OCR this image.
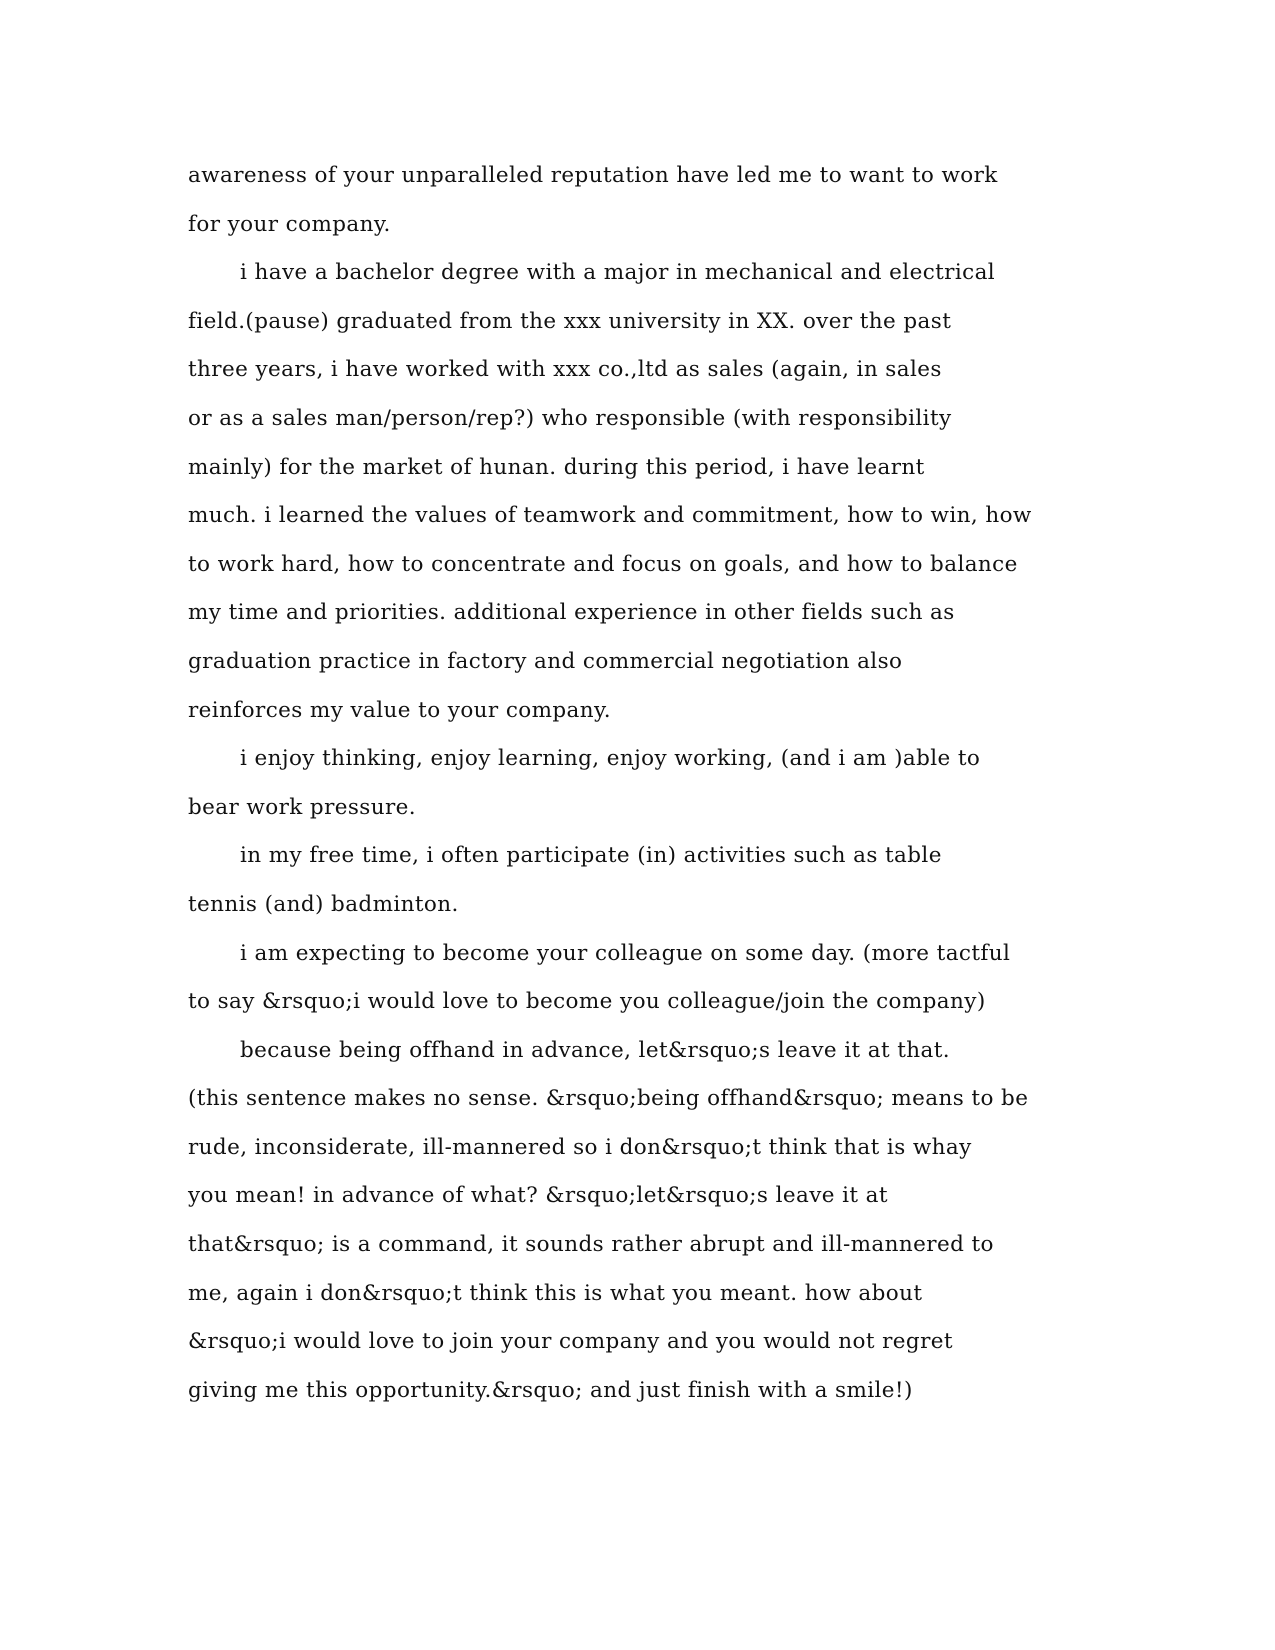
awareness of your unparalleled reputation have led me to want to work
for your company.
i have a bachelor degree with a major in mechanical and electrical
field.(pause) graduated from the xxx university in XX. over the past
three years, i have worked with xxx co.,ltd as sales (again, in sales
or as a sales man/person/rep?) who responsible (with responsibility
mainly) for the market of hunan. during this period, i have learnt
much. i learned the values of teamwork and commitment, how to win, how
to work hard, how to concentrate and focus on goals, and how to balance
my time and priorities. additional experience in other fields such as
graduation practice in factory and commercial negotiation also
reinforces my value to your company.
i enjoy thinking, enjoy learning, enjoy working, (and i am )able to
bear work pressure.
in my free time, i often participate (in) activities such as table
tennis (and) badminton.
i am expecting to become your colleague on some day. (more tactful
to say &rsquo;i would love to become you colleague/join the company)
because being offhand in advance, let&rsquo;s leave it at that.
(this sentence makes no sense. &rsquo;being offhand&rsquo; means to be
rude, inconsiderate, ill-mannered so i don&rsquo;t think that is whay
you mean! in advance of what? &rsquo;let&rsquo;s leave it at
that&rsquo; is a command, it sounds rather abrupt and ill-mannered to
me, again i don&rsquo;t think this is what you meant. how about
&rsquo;i would love to join your company and you would not regret
giving me this opportunity.&rsquo; and just finish with a smile!)
